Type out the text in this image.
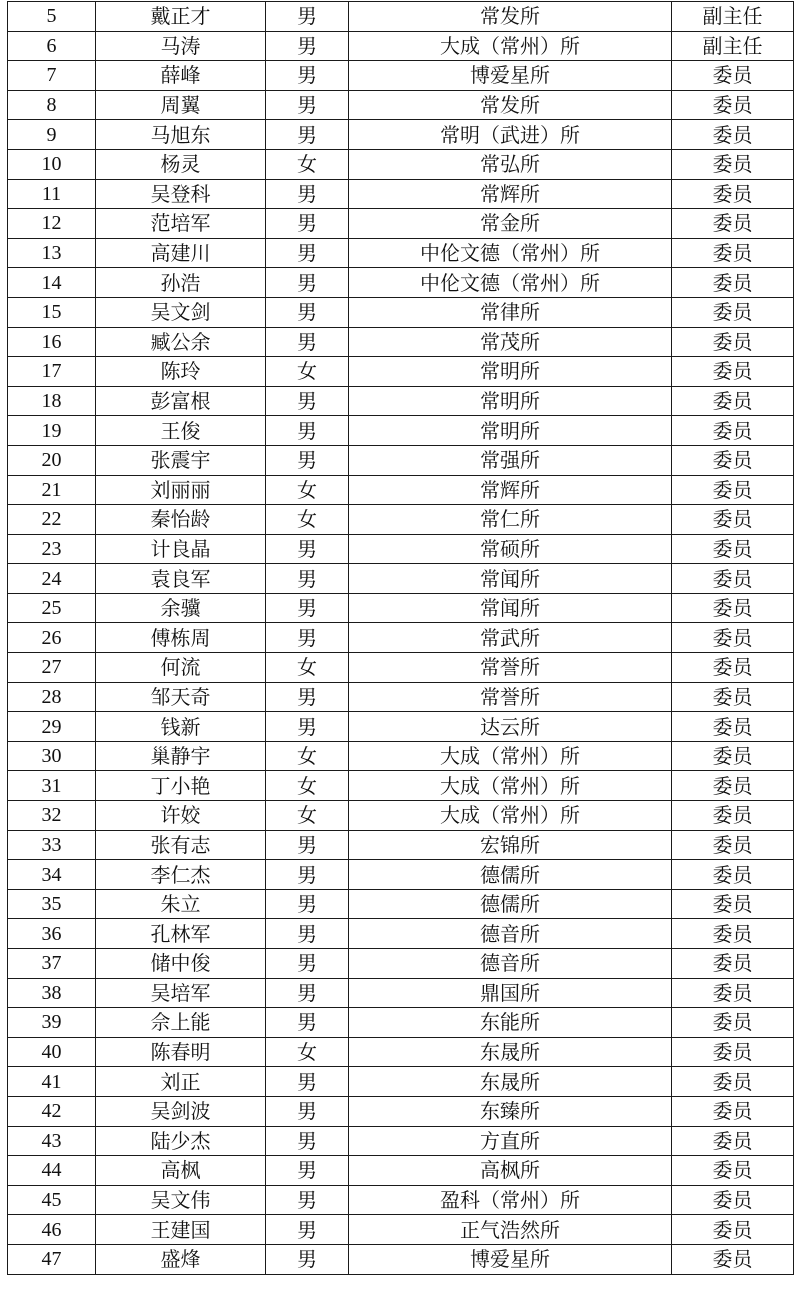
5	戴正才	男	常发所	副主任
6	马涛	男	大成（常州）所	副主任
7	薛峰	男	博爱星所	委员
8	周翼	男	常发所	委员
9	马旭东	男	常明（武进）所	委员
10	杨灵	女	常弘所	委员
11	吴登科	男	常辉所	委员
12	范培军	男	常金所	委员
13	高建川	男	中伦文德（常州）所	委员
14	孙浩	男	中伦文德（常州）所	委员
15	吴文剑	男	常律所	委员
16	臧公余	男	常茂所	委员
17	陈玲	女	常明所	委员
18	彭富根	男	常明所	委员
19	王俊	男	常明所	委员
20	张震宇	男	常强所	委员
21	刘丽丽	女	常辉所	委员
22	秦怡龄	女	常仁所	委员
23	计良晶	男	常硕所	委员
24	袁良军	男	常闻所	委员
25	余骥	男	常闻所	委员
26	傅栋周	男	常武所	委员
27	何流	女	常誉所	委员
28	邹天奇	男	常誉所	委员
29	钱新	男	达云所	委员
30	巢静宇	女	大成（常州）所	委员
31	丁小艳	女	大成（常州）所	委员
32	许姣	女	大成（常州）所	委员
33	张有志	男	宏锦所	委员
34	李仁杰	男	德儒所	委员
35	朱立	男	德儒所	委员
36	孔林军	男	德音所	委员
37	储中俊	男	德音所	委员
38	吴培军	男	鼎国所	委员
39	佘上能	男	东能所	委员
40	陈春明	女	东晟所	委员
41	刘正	男	东晟所	委员
42	吴剑波	男	东臻所	委员
43	陆少杰	男	方直所	委员
44	高枫	男	高枫所	委员
45	吴文伟	男	盈科（常州）所	委员
46	王建国	男	正气浩然所	委员
47	盛烽	男	博爱星所	委员
